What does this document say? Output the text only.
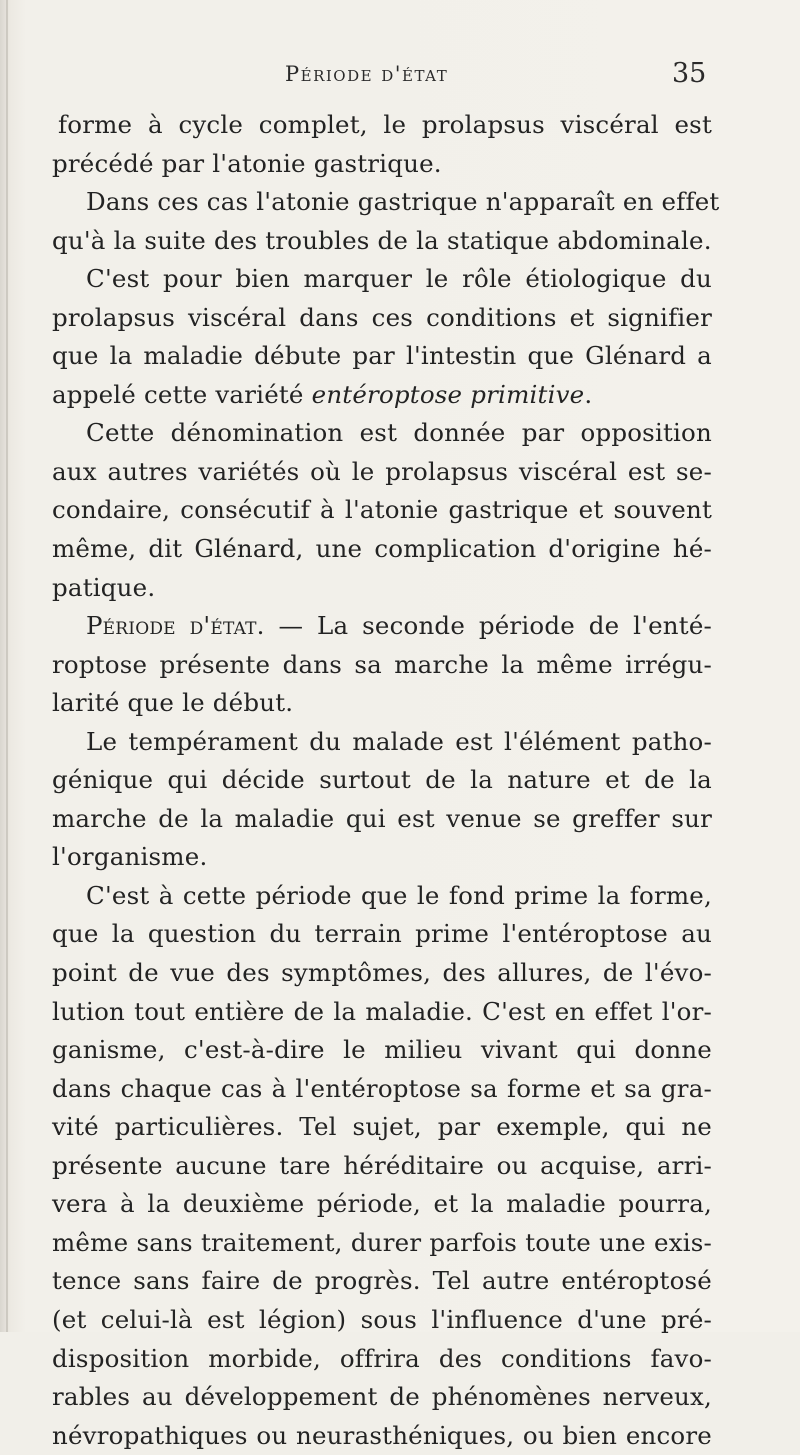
Période d'état	35
forme à cycle complet, le prolapsus viscéral est
précédé par l'atonie gastrique.
Dans ces cas l'atonie gastrique n'apparaît en effet
qu'à la suite des troubles de la statique abdominale.
C'est pour bien marquer le rôle étiologique du
prolapsus viscéral dans ces conditions et signifier
que la maladie débute par l'intestin que Glénard a
appelé cette variété entéroptose primitive.
Cette dénomination est donnée par opposition
aux autres variétés où le prolapsus viscéral est se-
condaire, consécutif à l'atonie gastrique et souvent
même, dit Glénard, une complication d'origine hé-
patique.
Période d'état. — La seconde période de l'enté-
roptose présente dans sa marche la même irrégu-
larité que le début.
Le tempérament du malade est l'élément patho-
génique qui décide surtout de la nature et de la
marche de la maladie qui est venue se greffer sur
l'organisme.
C'est à cette période que le fond prime la forme,
que la question du terrain prime l'entéroptose au
point de vue des symptômes, des allures, de l'évo-
lution tout entière de la maladie. C'est en effet l'or-
ganisme, c'est-à-dire le milieu vivant qui donne
dans chaque cas à l'entéroptose sa forme et sa gra-
vité particulières. Tel sujet, par exemple, qui ne
présente aucune tare héréditaire ou acquise, arri-
vera à la deuxième période, et la maladie pourra,
même sans traitement, durer parfois toute une exis-
tence sans faire de progrès. Tel autre entéroptosé
(et celui-là est légion) sous l'influence d'une pré-
disposition morbide, offrira des conditions favo-
rables au développement de phénomènes nerveux,
névropathiques ou neurasthéniques, ou bien encore
